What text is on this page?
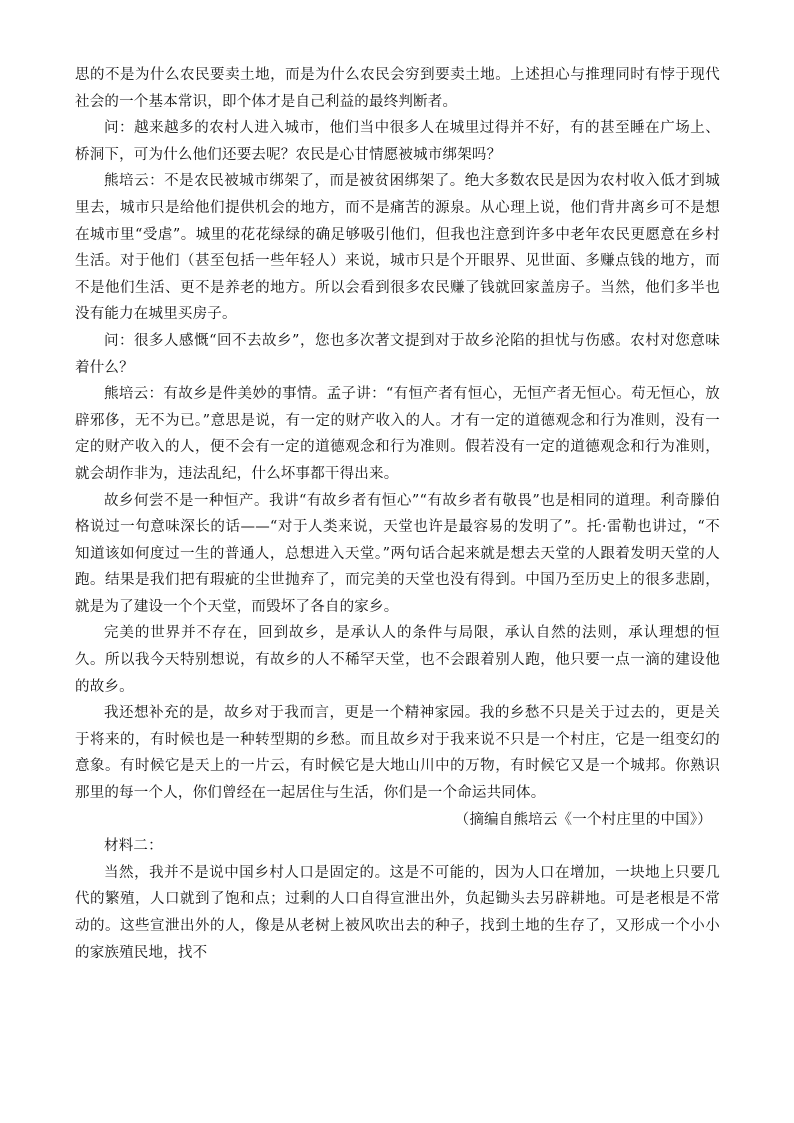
思的不是为什么农民要卖土地，而是为什么农民会穷到要卖土地。上述担心与推理同时有悖于现代社会的一个基本常识，即个体才是自己利益的最终判断者。

问：越来越多的农村人进入城市，他们当中很多人在城里过得并不好，有的甚至睡在广场上、桥洞下，可为什么他们还要去呢？农民是心甘情愿被城市绑架吗？

熊培云：不是农民被城市绑架了，而是被贫困绑架了。绝大多数农民是因为农村收入低才到城里去，城市只是给他们提供机会的地方，而不是痛苦的源泉。从心理上说，他们背井离乡可不是想在城市里“受虐”。城里的花花绿绿的确足够吸引他们，但我也注意到许多中老年农民更愿意在乡村生活。对于他们（甚至包括一些年轻人）来说，城市只是个开眼界、见世面、多赚点钱的地方，而不是他们生活、更不是养老的地方。所以会看到很多农民赚了钱就回家盖房子。当然，他们多半也没有能力在城里买房子。

问：很多人感慨“回不去故乡”，您也多次著文提到对于故乡沦陷的担忧与伤感。农村对您意味着什么？

熊培云：有故乡是件美妙的事情。孟子讲：“有恒产者有恒心，无恒产者无恒心。苟无恒心，放辟邪侈，无不为已。”意思是说，有一定的财产收入的人。才有一定的道德观念和行为准则，没有一定的财产收入的人，便不会有一定的道德观念和行为准则。假若没有一定的道德观念和行为准则，就会胡作非为，违法乱纪，什么坏事都干得出来。

故乡何尝不是一种恒产。我讲“有故乡者有恒心”“有故乡者有敬畏”也是相同的道理。利奇滕伯格说过一句意味深长的话——“对于人类来说，天堂也许是最容易的发明了”。托·雷勒也讲过，“不知道该如何度过一生的普通人，总想进入天堂。”两句话合起来就是想去天堂的人跟着发明天堂的人跑。结果是我们把有瑕疵的尘世抛弃了，而完美的天堂也没有得到。中国乃至历史上的很多悲剧，就是为了建设一个个天堂，而毁坏了各自的家乡。

完美的世界并不存在，回到故乡，是承认人的条件与局限，承认自然的法则，承认理想的恒久。所以我今天特别想说，有故乡的人不稀罕天堂，也不会跟着别人跑，他只要一点一滴的建设他的故乡。

我还想补充的是，故乡对于我而言，更是一个精神家园。我的乡愁不只是关于过去的，更是关于将来的，有时候也是一种转型期的乡愁。而且故乡对于我来说不只是一个村庄，它是一组变幻的意象。有时候它是天上的一片云，有时候它是大地山川中的万物，有时候它又是一个城邦。你熟识那里的每一个人，你们曾经在一起居住与生活，你们是一个命运共同体。

（摘编自熊培云《一个村庄里的中国》）

材料二：

当然，我并不是说中国乡村人口是固定的。这是不可能的，因为人口在增加，一块地上只要几代的繁殖，人口就到了饱和点；过剩的人口自得宣泄出外，负起锄头去另辟耕地。可是老根是不常动的。这些宣泄出外的人，像是从老树上被风吹出去的种子，找到土地的生存了，又形成一个小小的家族殖民地，找不
